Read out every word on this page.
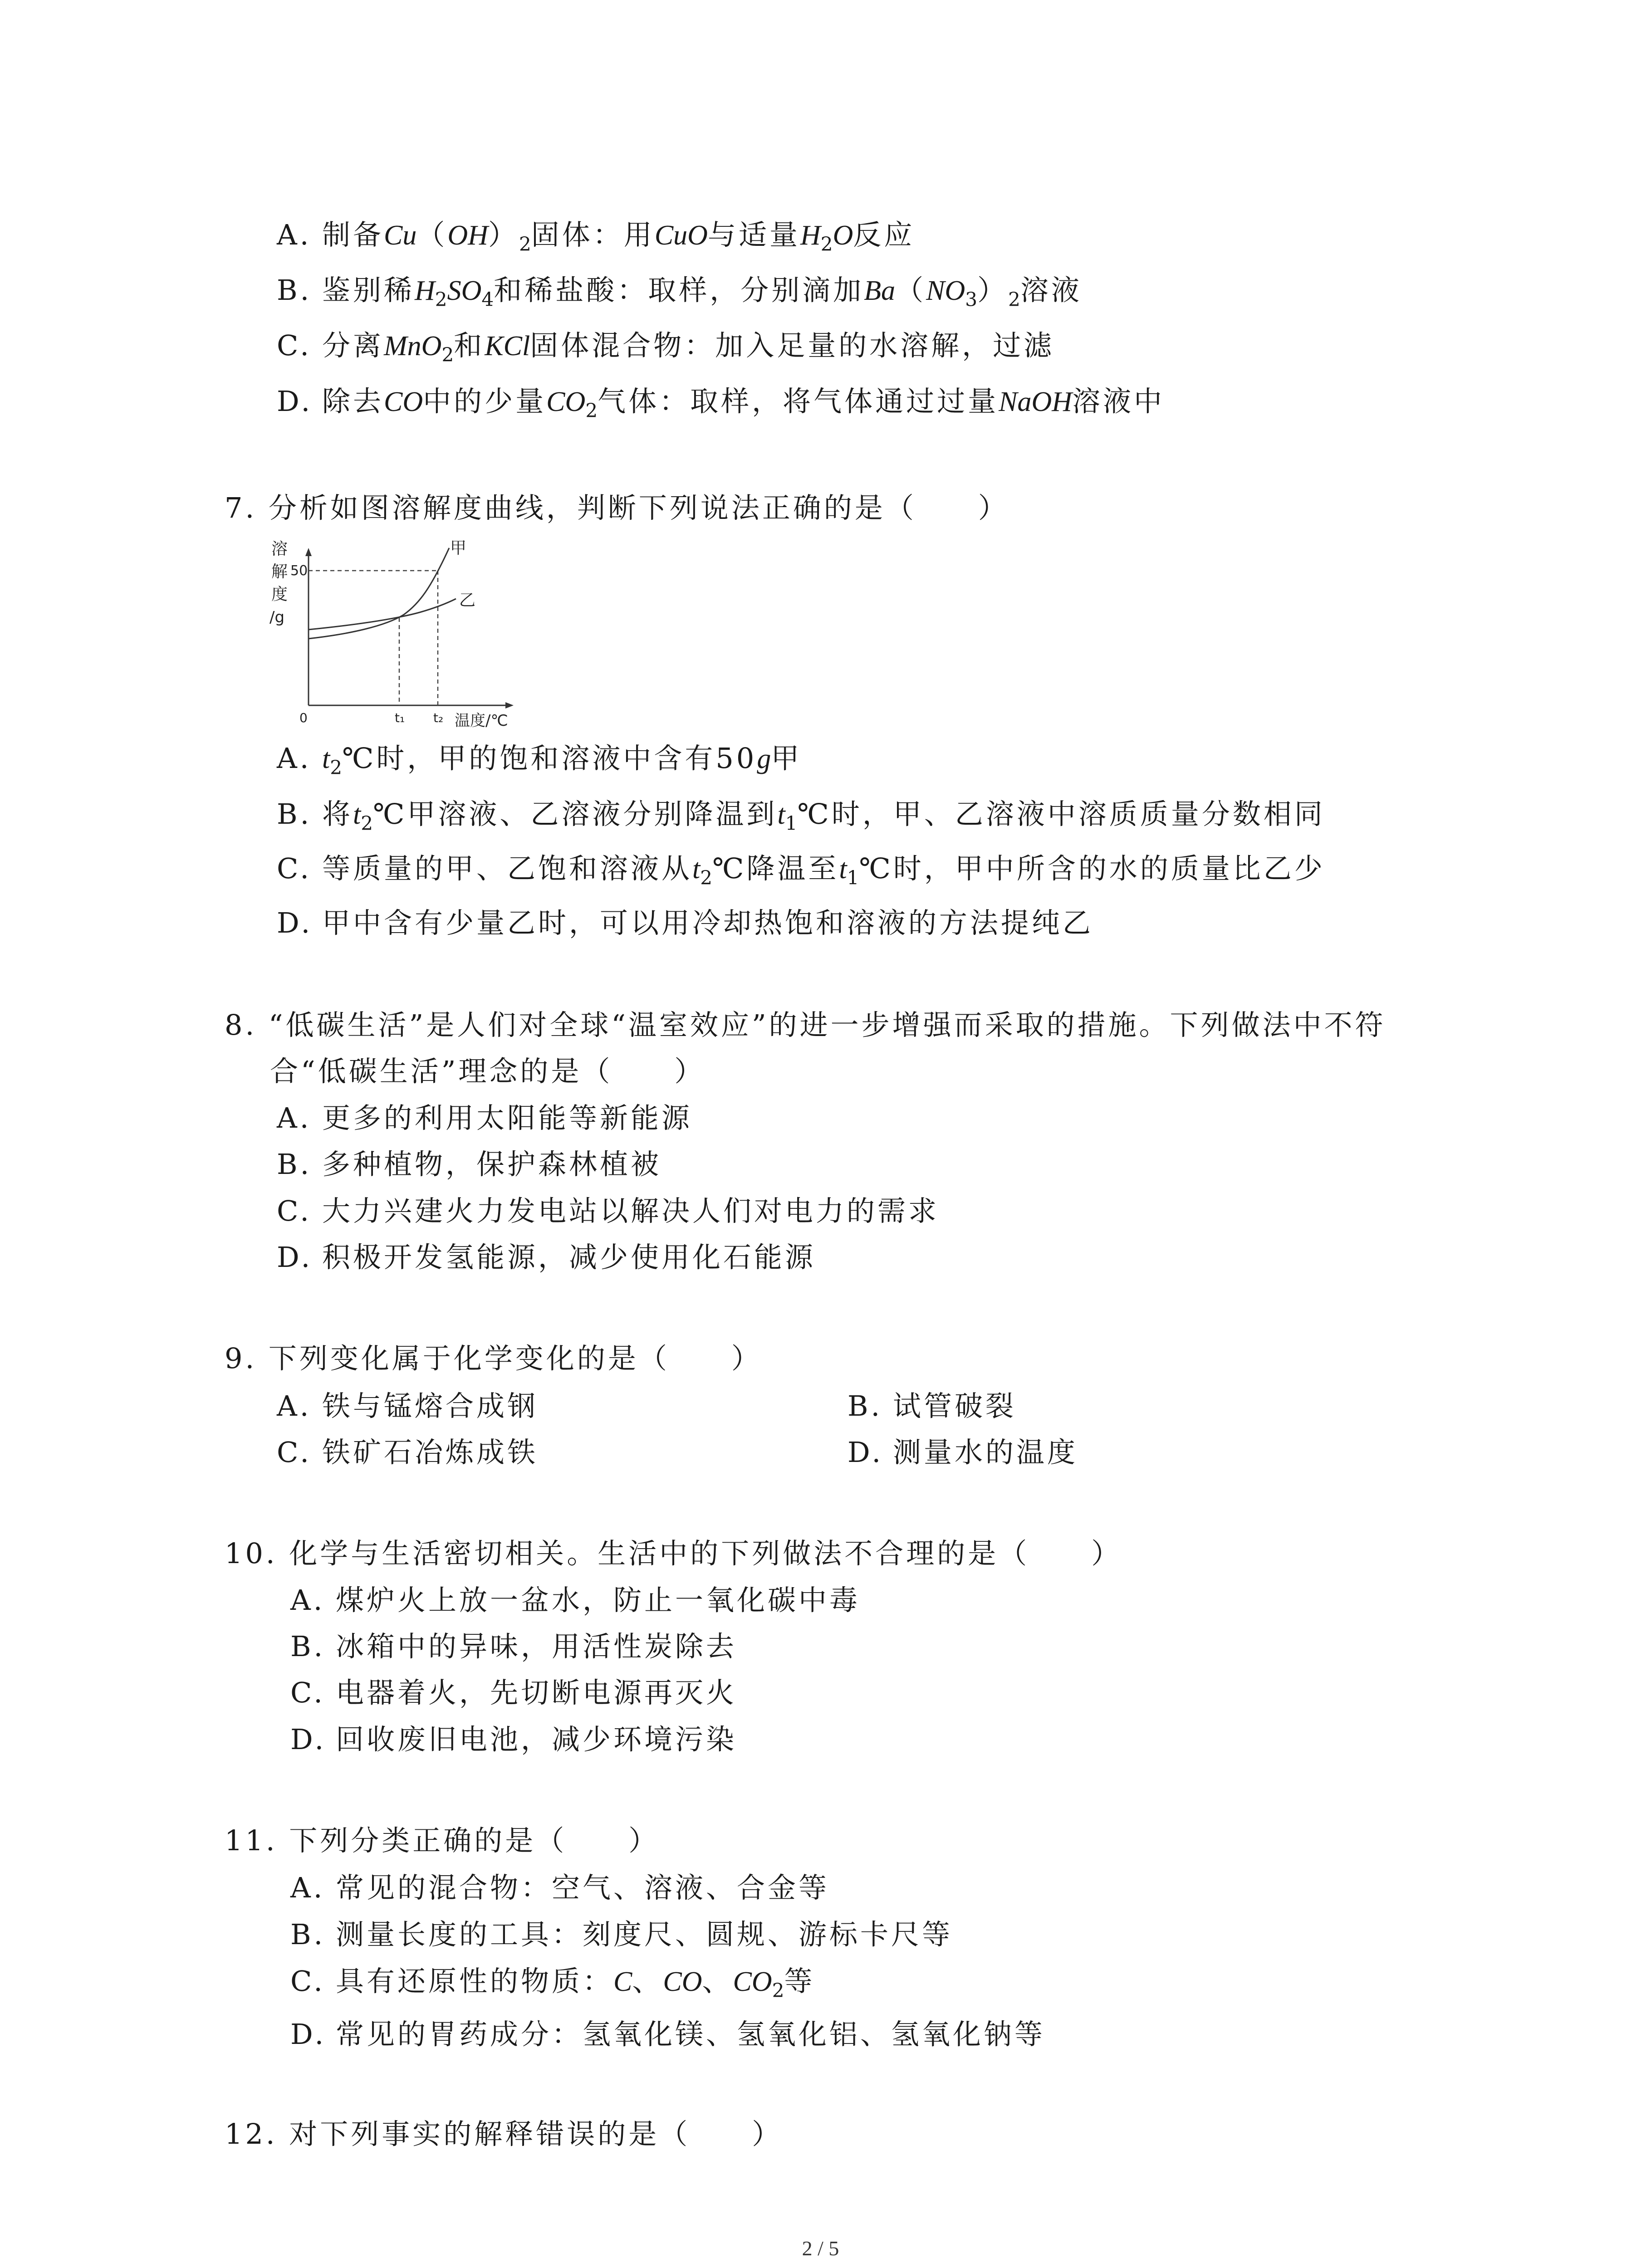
A. 制备$Cu(OH)_2$固体：用CuO与适量$H_2O$反应
B. 鉴别稀$H_2SO_4$和稀盐酸：取样，分别滴加$Ba(NO_3)_2$溶液
C. 分离MnO$_2$和KCl固体混合物：加入足量的水溶解，过滤
D. 除去CO中的少量$CO_2$气体：取样，将气体通过过量NaOH溶液中
7. 分析如图溶解度曲线，判断下列说法正确的是（　　）
溶
解
度
/g
50
甲
乙
0	t₁ t₂ 温度/℃
A. $t_2℃$时，甲的饱和溶液中含有50g甲
B. 将$t_2℃$甲溶液、乙溶液分别降温到$t_1℃$时，甲、乙溶液中溶质质量分数相同
C. 等质量的甲、乙饱和溶液从$t_2℃$降温至$t_1℃$时，甲中所含的水的质量比乙少
D. 甲中含有少量乙时，可以用冷却热饱和溶液的方法提纯乙
8. “低碳生活”是人们对全球“温室效应”的进一步增强而采取的措施。下列做法中不符
合“低碳生活”理念的是（　　）
A. 更多的利用太阳能等新能源
B. 多种植物，保护森林植被
C. 大力兴建火力发电站以解决人们对电力的需求
D. 积极开发氢能源，减少使用化石能源
9. 下列变化属于化学变化的是（　　）
A. 铁与锰熔合成钢	B. 试管破裂
C. 铁矿石冶炼成铁	D. 测量水的温度
10. 化学与生活密切相关。生活中的下列做法不合理的是（　　）
A. 煤炉火上放一盆水，防止一氧化碳中毒
B. 冰箱中的异味，用活性炭除去
C. 电器着火，先切断电源再灭火
D. 回收废旧电池，减少环境污染
11. 下列分类正确的是（　　）
A. 常见的混合物：空气、溶液、合金等
B. 测量长度的工具：刻度尺、圆规、游标卡尺等
C. 具有还原性的物质：C、CO、$CO_2$等
D. 常见的胃药成分：氢氧化镁、氢氧化铝、氢氧化钠等
12. 对下列事实的解释错误的是（　　）
2 / 5
